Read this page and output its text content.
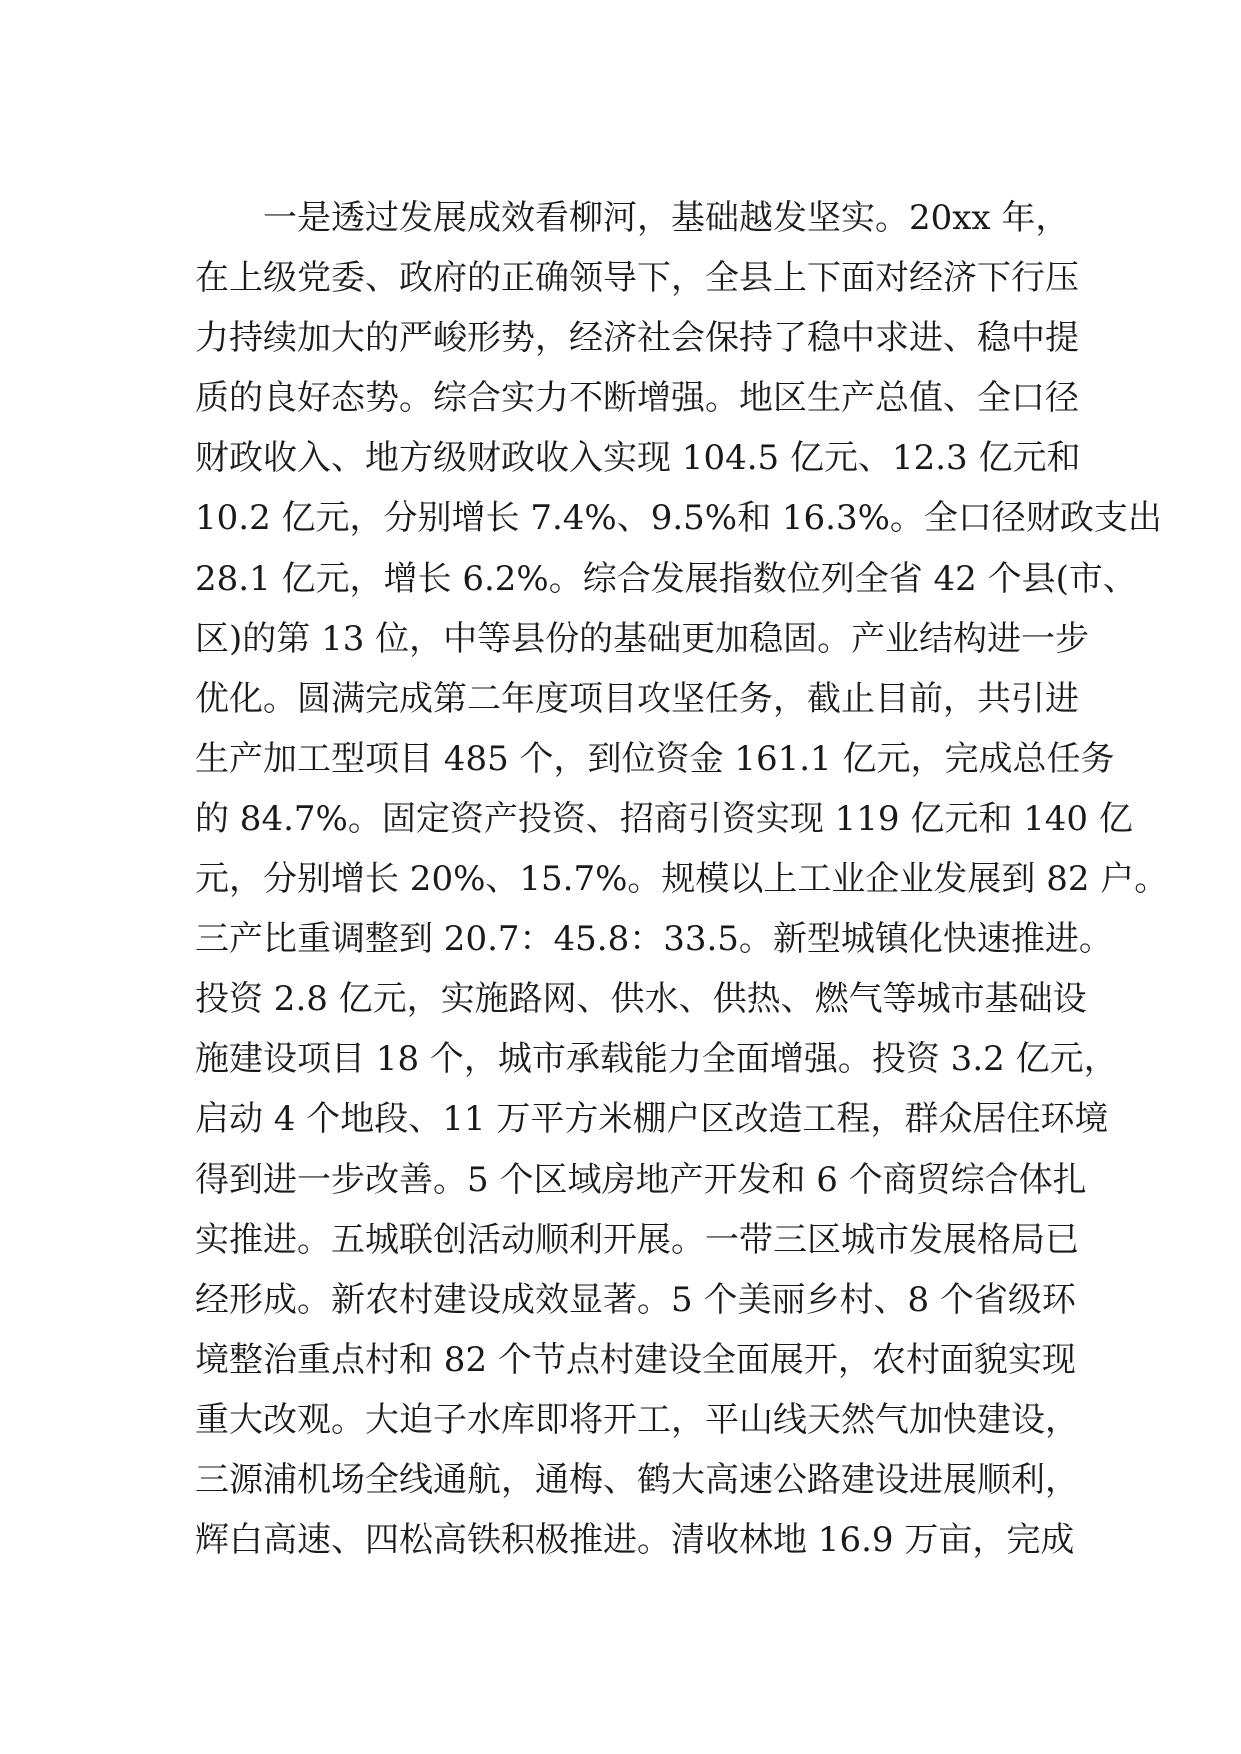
一是透过发展成效看柳河，基础越发坚实。20xx 年，
在上级党委、政府的正确领导下，全县上下面对经济下行压
力持续加大的严峻形势，经济社会保持了稳中求进、稳中提
质的良好态势。综合实力不断增强。地区生产总值、全口径
财政收入、地方级财政收入实现 104.5 亿元、12.3 亿元和
10.2 亿元，分别增长 7.4%、9.5%和 16.3%。全口径财政支出
28.1 亿元，增长 6.2%。综合发展指数位列全省 42 个县(市、
区)的第 13 位，中等县份的基础更加稳固。产业结构进一步
优化。圆满完成第二年度项目攻坚任务，截止目前，共引进
生产加工型项目 485 个，到位资金 161.1 亿元，完成总任务
的 84.7%。固定资产投资、招商引资实现 119 亿元和 140 亿
元，分别增长 20%、15.7%。规模以上工业企业发展到 82 户。
三产比重调整到 20.7：45.8：33.5。新型城镇化快速推进。
投资 2.8 亿元，实施路网、供水、供热、燃气等城市基础设
施建设项目 18 个，城市承载能力全面增强。投资 3.2 亿元，
启动 4 个地段、11 万平方米棚户区改造工程，群众居住环境
得到进一步改善。5 个区域房地产开发和 6 个商贸综合体扎
实推进。五城联创活动顺利开展。一带三区城市发展格局已
经形成。新农村建设成效显著。5 个美丽乡村、8 个省级环
境整治重点村和 82 个节点村建设全面展开，农村面貌实现
重大改观。大迫子水库即将开工，平山线天然气加快建设，
三源浦机场全线通航，通梅、鹤大高速公路建设进展顺利，
辉白高速、四松高铁积极推进。清收林地 16.9 万亩，完成
